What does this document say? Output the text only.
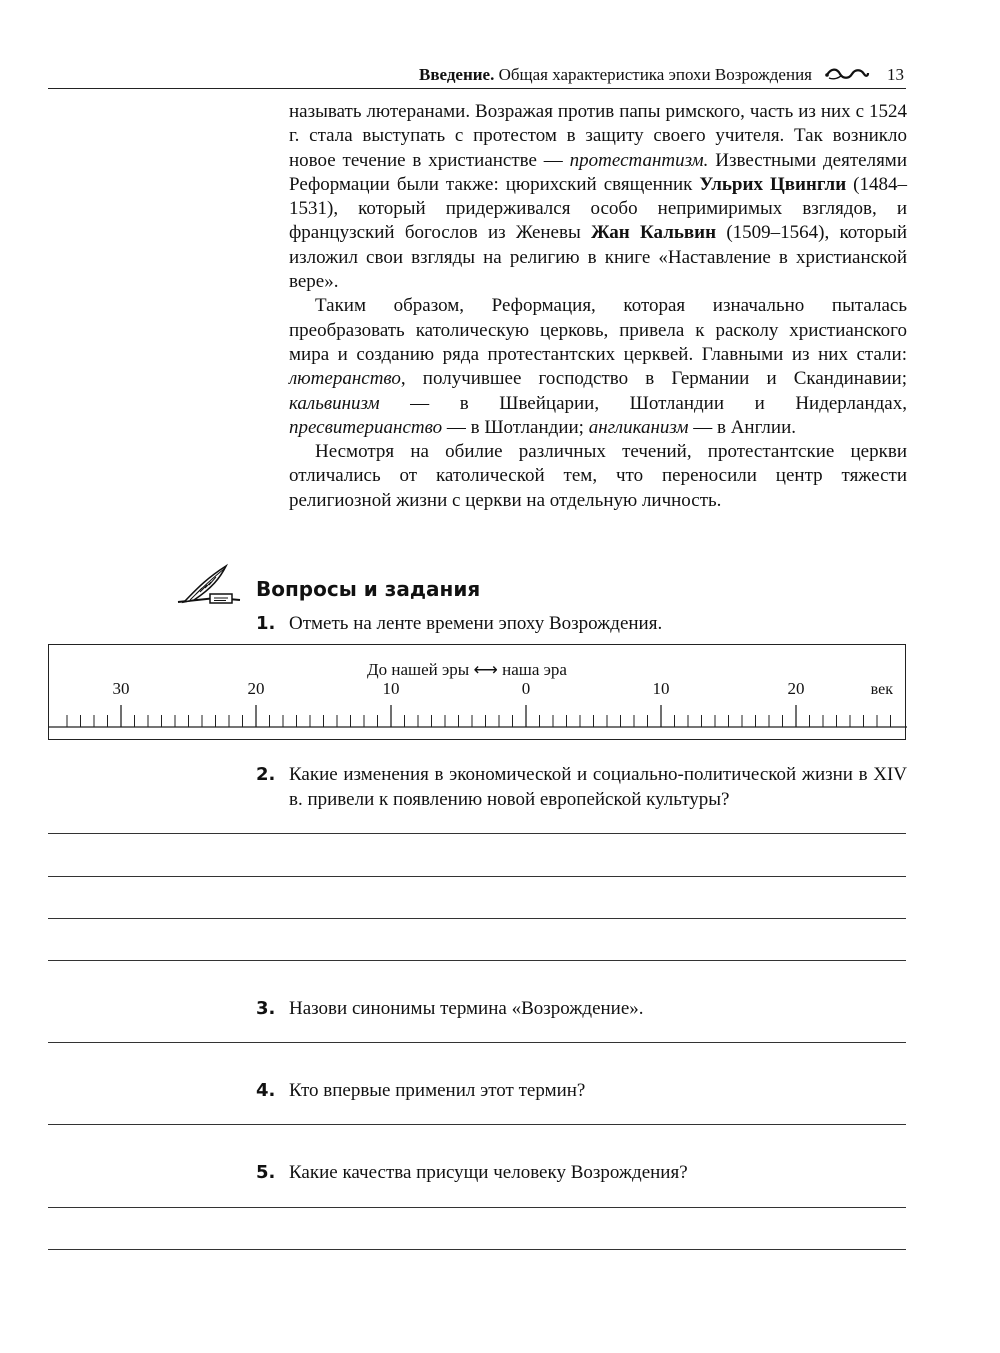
Введение. Общая характеристика эпохи Возрождения	13

называть лютеранами. Возражая против папы римского, часть из них с 1524 г. стала выступать с протестом в защиту своего учителя. Так возникло новое течение в христианстве — протестантизм. Известными деятелями Реформации были также: цюрихский священник Ульрих Цвингли (1484–1531), который придерживался особо непримиримых взглядов, и французский богослов из Женевы Жан Кальвин (1509–1564), который изложил свои взгляды на религию в книге «Наставление в христианской вере».

Таким образом, Реформация, которая изначально пыталась преобразовать католическую церковь, привела к расколу христианского мира и созданию ряда протестантских церквей. Главными из них стали: лютеранство, получившее господство в Германии и Скандинавии; кальвинизм — в Швейцарии, Шотландии и Нидерландах, пресвитерианство — в Шотландии; англиканизм — в Англии.

Несмотря на обилие различных течений, протестантские церкви отличались от католической тем, что переносили центр тяжести религиозной жизни с церкви на отдельную личность.

Вопросы и задания
1. Отметь на ленте времени эпоху Возрождения.
До нашей эры ⟷ наша эра
30	20	10	0	10	20	век
2. Какие изменения в экономической и социально-политической жизни в XIV в. привели к появлению новой европейской культуры?
3. Назови синонимы термина «Возрождение».
4. Кто впервые применил этот термин?
5. Какие качества присущи человеку Возрождения?
